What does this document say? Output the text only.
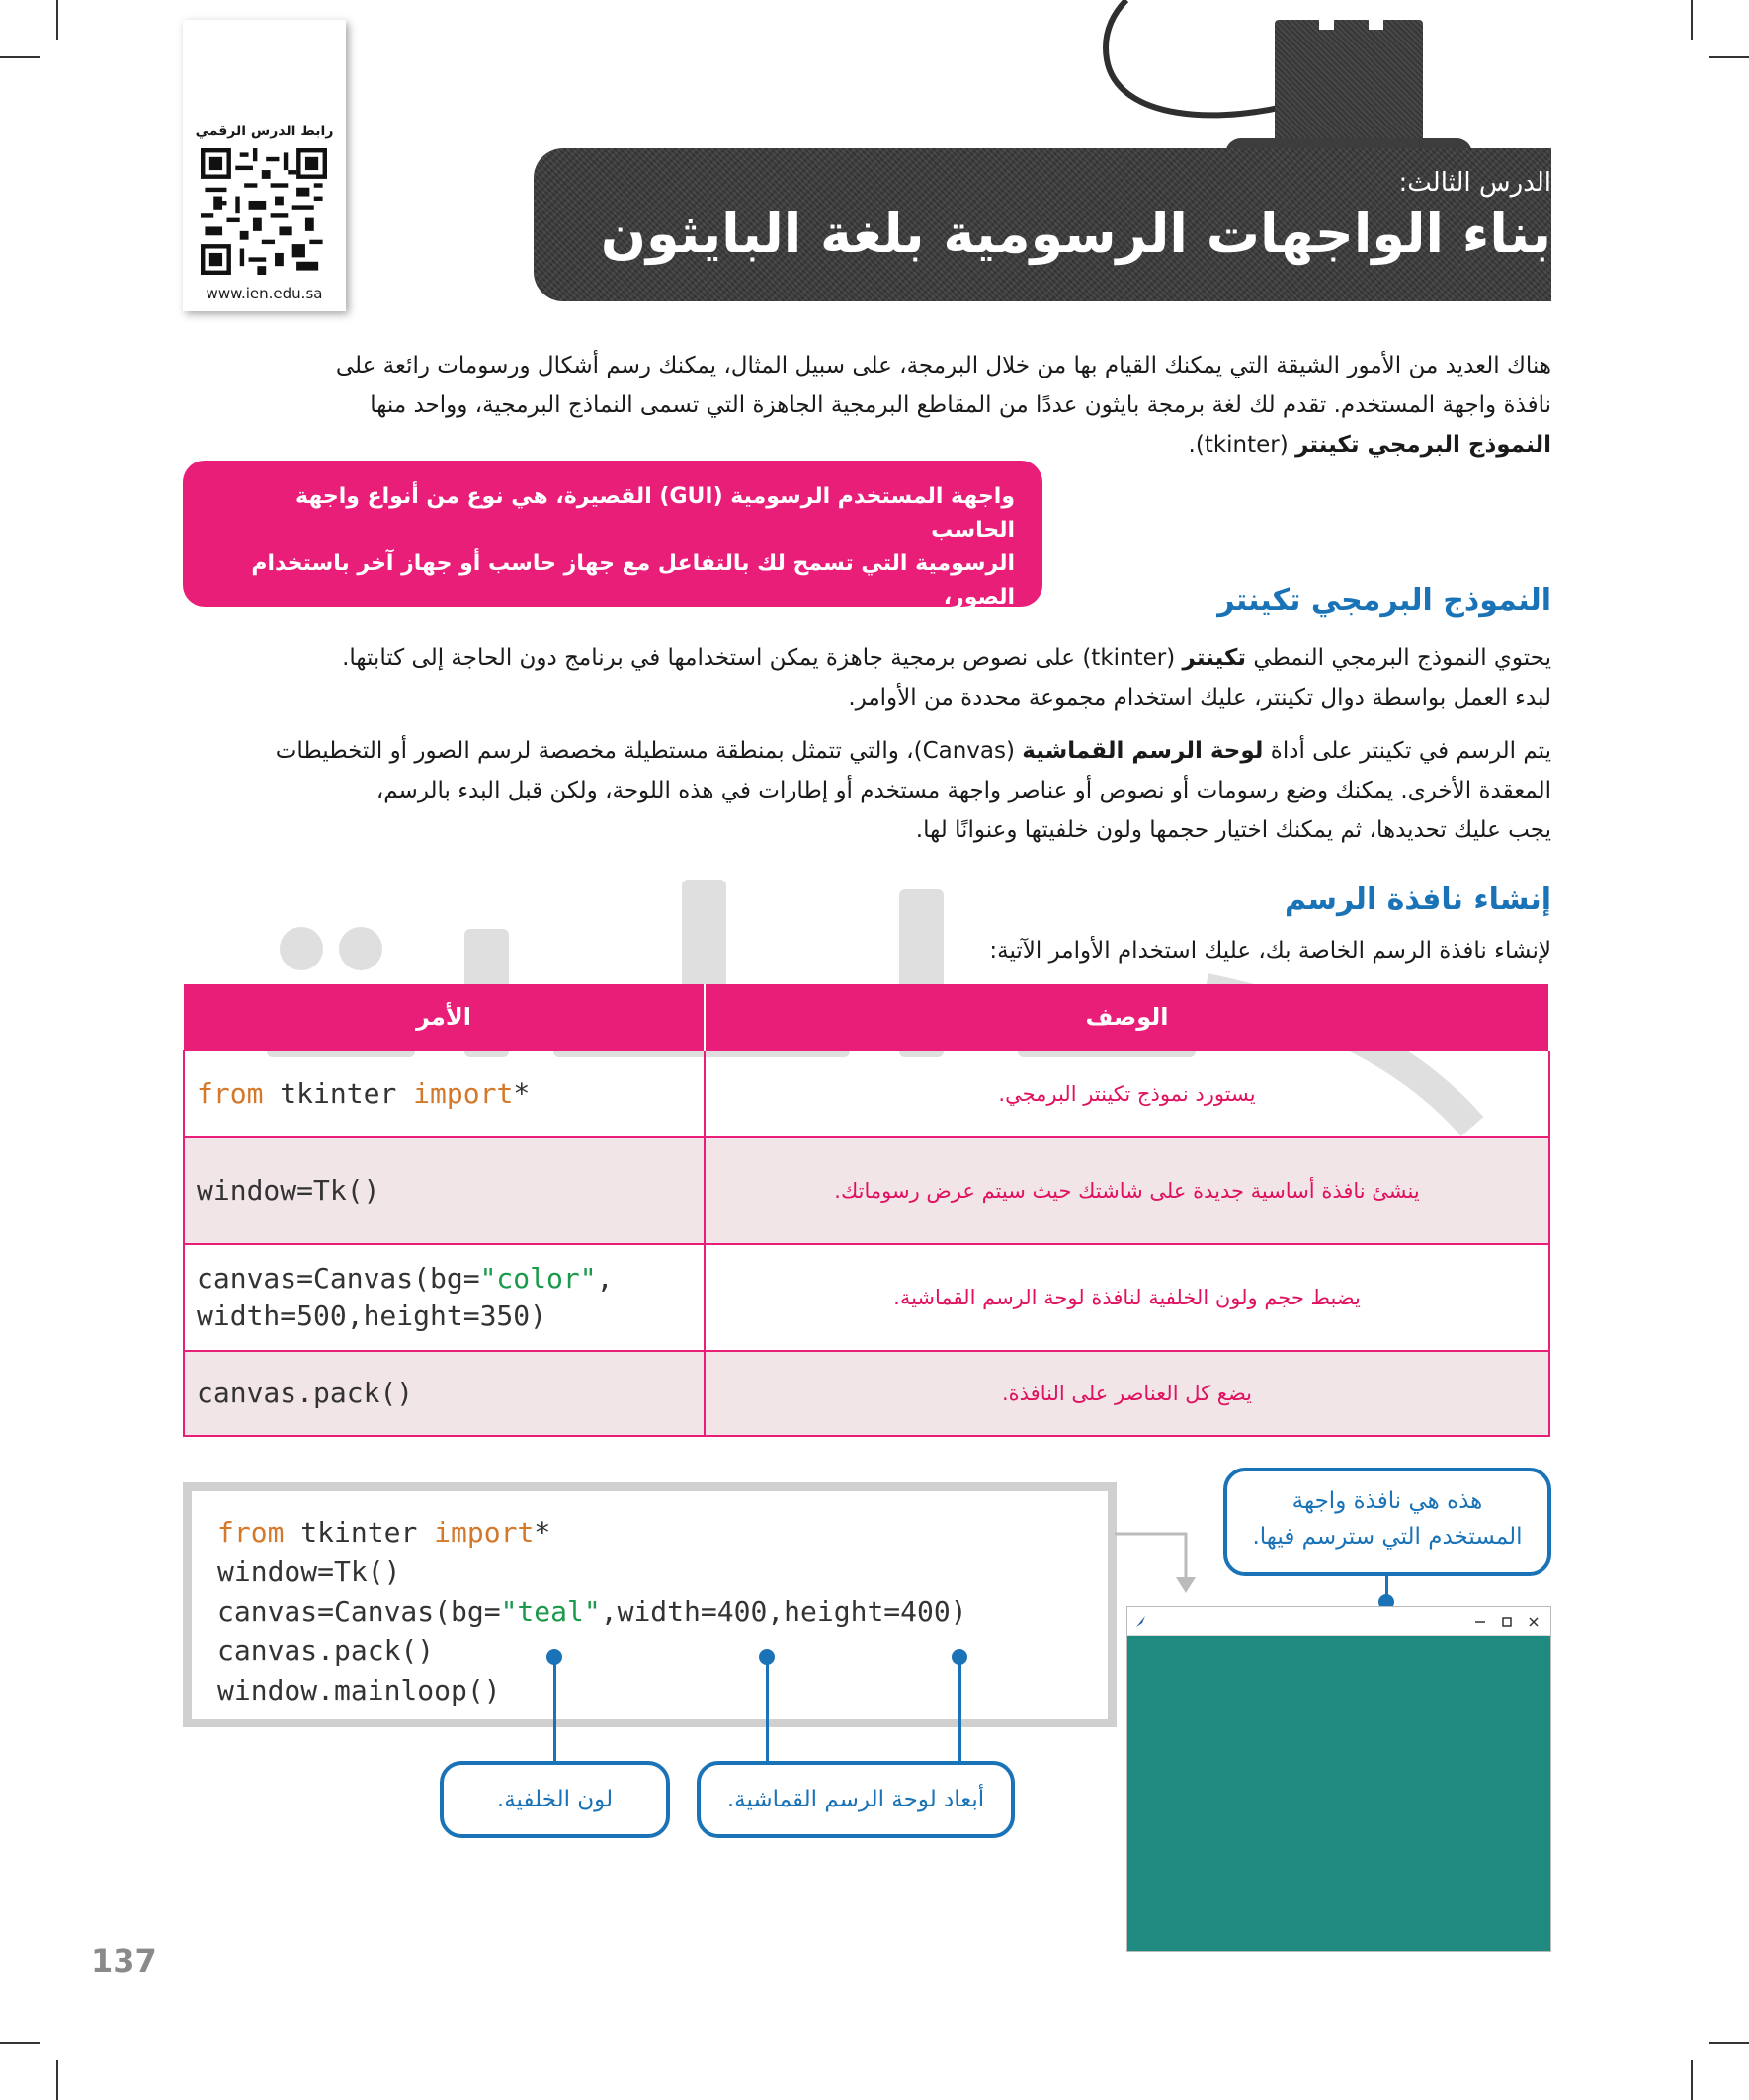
الدرس الثالث:
بناء الواجهات الرسومية بلغة البايثون
رابط الدرس الرقمي
www.ien.edu.sa
هناك العديد من الأمور الشيقة التي يمكنك القيام بها من خلال البرمجة، على سبيل المثال، يمكنك رسم أشكال ورسومات رائعة على
نافذة واجهة المستخدم. تقدم لك لغة برمجة بايثون عددًا من المقاطع البرمجية الجاهزة التي تسمى النماذج البرمجية، وواحد منها
النموذج البرمجي تكينتر (tkinter).
واجهة المستخدم الرسومية (GUI) القصيرة، هي نوع من أنواع واجهة الحاسب
الرسومية التي تسمح لك بالتفاعل مع جهاز حاسب أو جهاز آخر باستخدام الصور،
والرموز، والعناصر الرسومية الأخرى، بدلًا من النص فقط.
النموذج البرمجي تكينتر
يحتوي النموذج البرمجي النمطي تكينتر (tkinter) على نصوص برمجية جاهزة يمكن استخدامها في برنامج دون الحاجة إلى كتابتها.
لبدء العمل بواسطة دوال تكينتر، عليك استخدام مجموعة محددة من الأوامر.
يتم الرسم في تكينتر على أداة لوحة الرسم القماشية (Canvas)، والتي تتمثل بمنطقة مستطيلة مخصصة لرسم الصور أو التخطيطات
المعقدة الأخرى. يمكنك وضع رسومات أو نصوص أو عناصر واجهة مستخدم أو إطارات في هذه اللوحة، ولكن قبل البدء بالرسم،
يجب عليك تحديدها، ثم يمكنك اختيار حجمها ولون خلفيتها وعنوانًا لها.
إنشاء نافذة الرسم
لإنشاء نافذة الرسم الخاصة بك، عليك استخدام الأوامر الآتية:
الأمر	الوصف
from tkinter import*	يستورد نموذج تكينتر البرمجي.
window=Tk()	ينشئ نافذة أساسية جديدة على شاشتك حيث سيتم عرض رسوماتك.
canvas=Canvas(bg="color",
width=500,height=350)	يضبط حجم ولون الخلفية لنافذة لوحة الرسم القماشية.
canvas.pack()	يضع كل العناصر على النافذة.
from tkinter import*
window=Tk()
canvas=Canvas(bg="teal",width=400,height=400)
canvas.pack()
window.mainloop()
لون الخلفية.	أبعاد لوحة الرسم القماشية.
هذه هي نافذة واجهة
المستخدم التي سترسم فيها.
137
